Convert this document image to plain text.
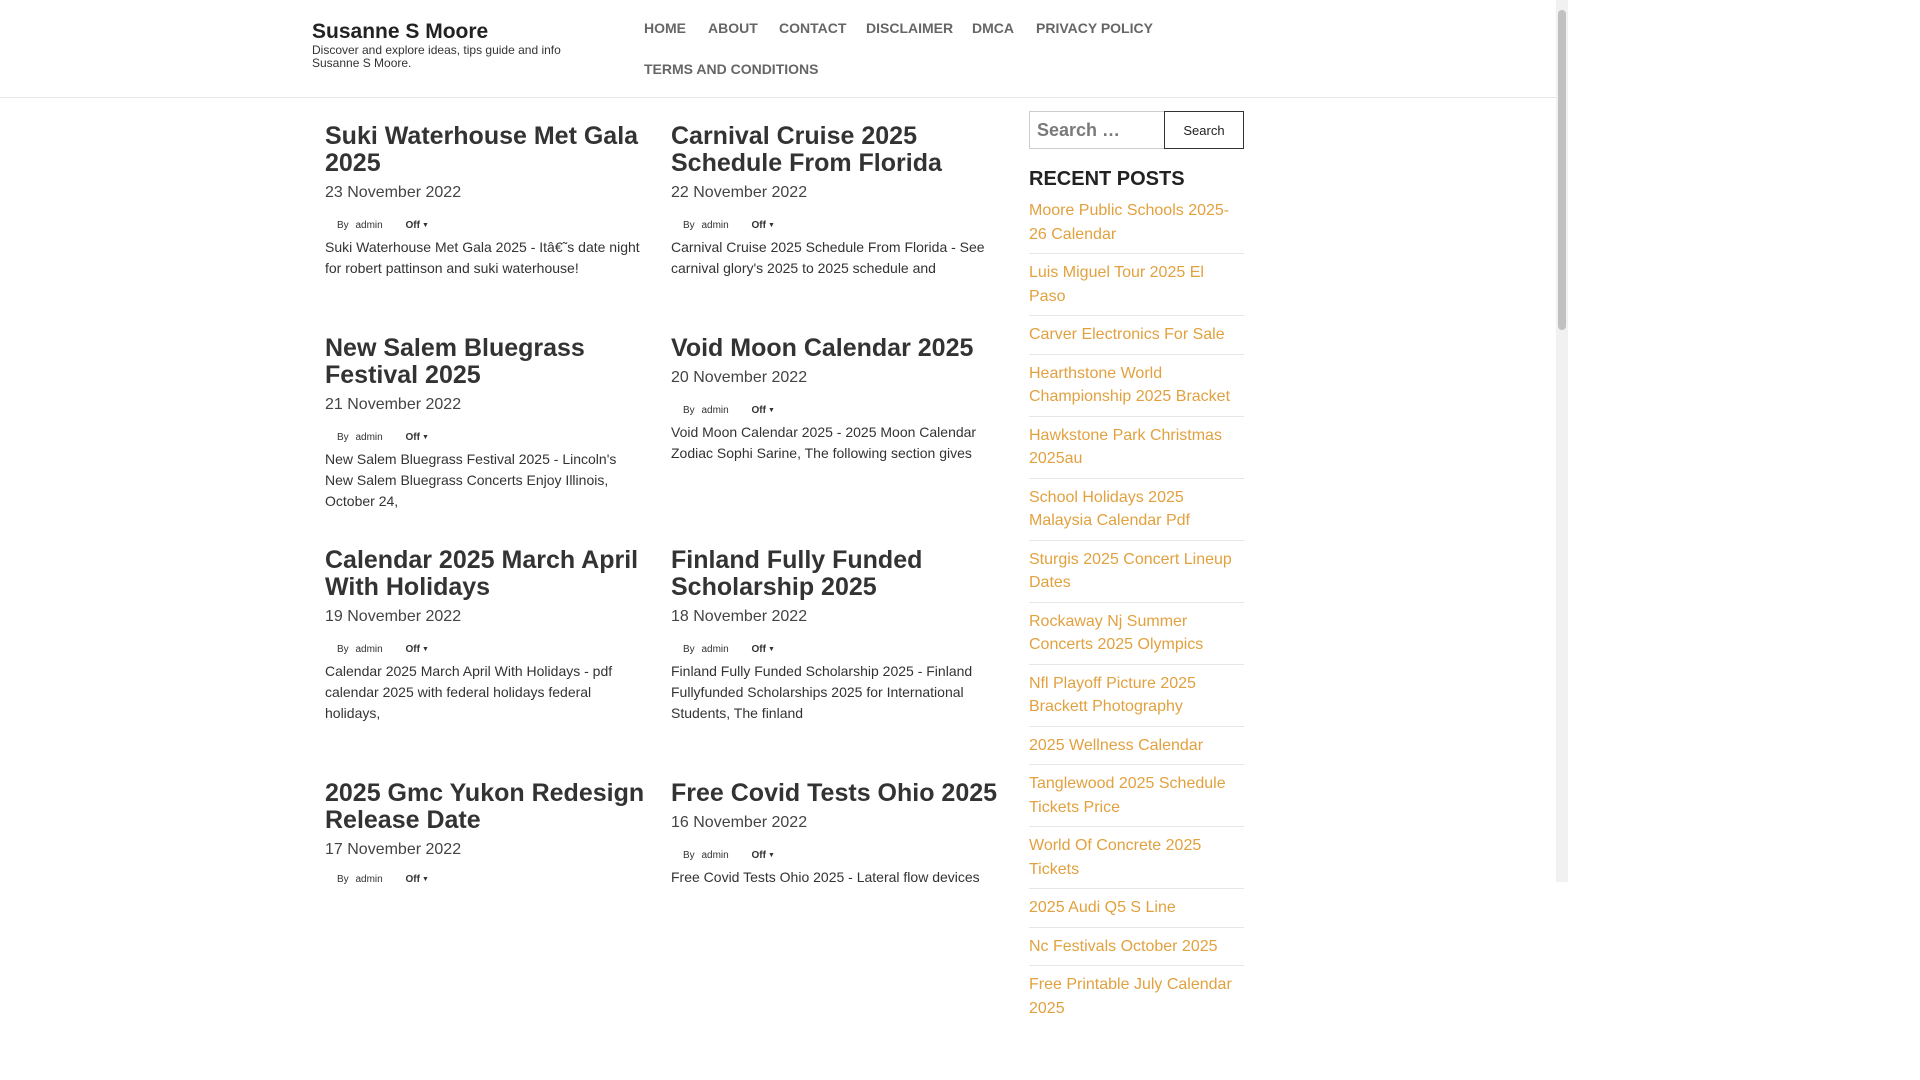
Susanne S Moore
Discover and explore ideas, tips guide and info Susanne S Moore.
HOME ABOUT CONTACT DISCLAIMER DMCA PRIVACY POLICY
TERMS AND CONDITIONS
Suki Waterhouse Met Gala 2025
23 November 2022
By admin Off ▼
Suki Waterhouse Met Gala 2025 - Itâ€˜s date night for robert pattinson and suki waterhouse!
Carnival Cruise 2025 Schedule From Florida
22 November 2022
By admin Off ▼
Carnival Cruise 2025 Schedule From Florida - See carnival glory's 2025 to 2025 schedule and
New Salem Bluegrass Festival 2025
21 November 2022
By admin Off ▼
New Salem Bluegrass Festival 2025 - Lincoln's New Salem Bluegrass Concerts Enjoy Illinois, October 24,
Void Moon Calendar 2025
20 November 2022
By admin Off ▼
Void Moon Calendar 2025 - 2025 Moon Calendar Zodiac Sophi Sarine, The following section gives
Calendar 2025 March April With Holidays
19 November 2022
By admin Off ▼
Calendar 2025 March April With Holidays - pdf calendar 2025 with federal holidays federal holidays,
Finland Fully Funded Scholarship 2025
18 November 2022
By admin Off ▼
Finland Fully Funded Scholarship 2025 - Finland Fullyfunded Scholarships 2025 for International Students, The finland
2025 Gmc Yukon Redesign Release Date
17 November 2022
By admin Off ▼
Free Covid Tests Ohio 2025
16 November 2022
By admin Off ▼
Free Covid Tests Ohio 2025 - Lateral flow devices
Search …
Search
RECENT POSTS
Moore Public Schools 2025-26 Calendar
Luis Miguel Tour 2025 El Paso
Carver Electronics For Sale
Hearthstone World Championship 2025 Bracket
Hawkstone Park Christmas 2025au
School Holidays 2025 Malaysia Calendar Pdf
Sturgis 2025 Concert Lineup Dates
Rockaway Nj Summer Concerts 2025 Olympics
Nfl Playoff Picture 2025 Brackett Photography
2025 Wellness Calendar
Tanglewood 2025 Schedule Tickets Price
World Of Concrete 2025 Tickets
2025 Audi Q5 S Line
Nc Festivals October 2025
Free Printable July Calendar 2025
